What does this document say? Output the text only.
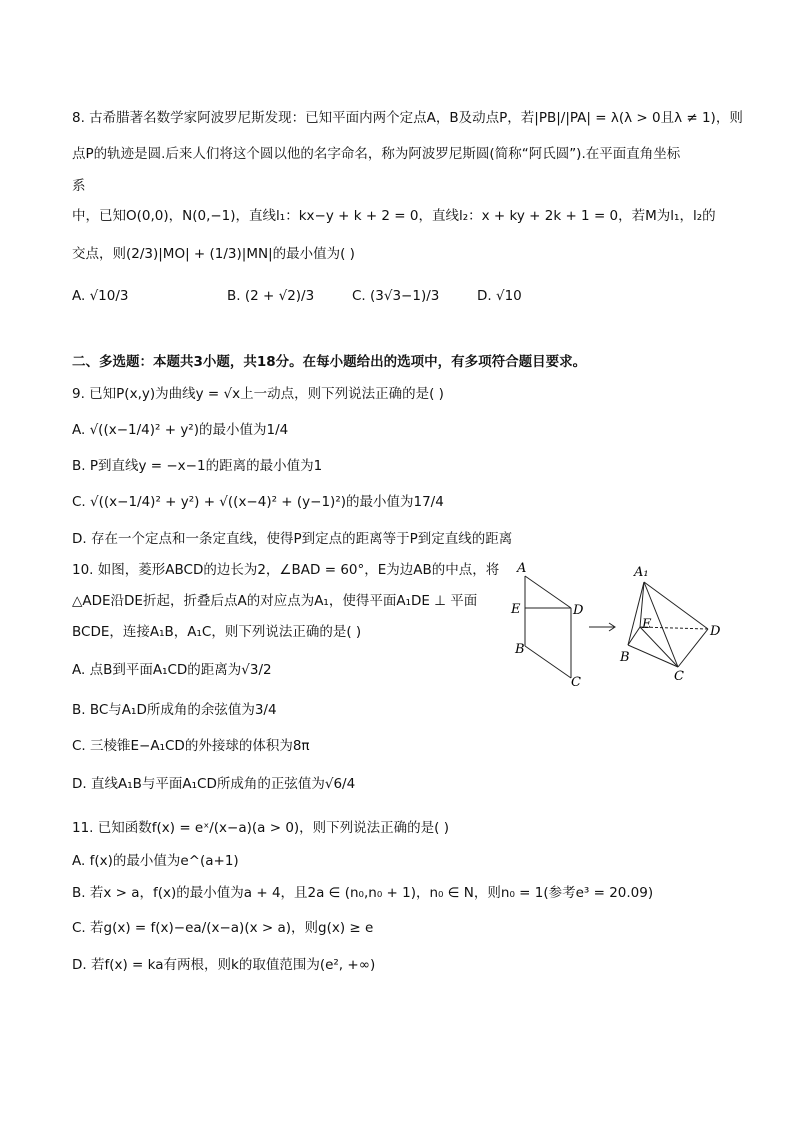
8. 古希腊著名数学家阿波罗尼斯发现：已知平面内两个定点A，B及动点P，若|PB|/|PA| = λ(λ > 0且λ ≠ 1)，则
点P的轨迹是圆.后来人们将这个圆以他的名字命名，称为阿波罗尼斯圆(简称“阿氏圆”).在平面直角坐标
系
中，已知O(0,0)，N(0,−1)，直线l₁：kx−y + k + 2 = 0，直线l₂：x + ky + 2k + 1 = 0，若M为l₁，l₂的
交点，则(2/3)|MO| + (1/3)|MN|的最小值为( )
A. √10/3	B. (2 + √2)/3	C. (3√3−1)/3	D. √10
二、多选题：本题共3小题，共18分。在每小题给出的选项中，有多项符合题目要求。
9. 已知P(x,y)为曲线y = √x上一动点，则下列说法正确的是( )
A. √((x−1/4)² + y²)的最小值为1/4
B. P到直线y = −x−1的距离的最小值为1
C. √((x−1/4)² + y²) + √((x−4)² + (y−1)²)的最小值为17/4
D. 存在一个定点和一条定直线，使得P到定点的距离等于P到定直线的距离
10. 如图，菱形ABCD的边长为2，∠BAD = 60°，E为边AB的中点，将
△ADE沿DE折起，折叠后点A的对应点为A₁，使得平面A₁DE ⊥ 平面
BCDE，连接A₁B，A₁C，则下列说法正确的是( )
A. 点B到平面A₁CD的距离为√3/2
B. BC与A₁D所成角的余弦值为3/4
C. 三棱锥E−A₁CD的外接球的体积为8π
D. 直线A₁B与平面A₁CD所成角的正弦值为√6/4
A
E	D
B
C
A₁
E	D
B
C
11. 已知函数f(x) = eˣ/(x−a)(a > 0)，则下列说法正确的是( )
A. f(x)的最小值为e^(a+1)
B. 若x > a，f(x)的最小值为a + 4，且2a ∈ (n₀,n₀ + 1)，n₀ ∈ N，则n₀ = 1(参考e³ = 20.09)
C. 若g(x) = f(x)−ea/(x−a)(x > a)，则g(x) ≥ e
D. 若f(x) = ka有两根，则k的取值范围为(e², +∞)
